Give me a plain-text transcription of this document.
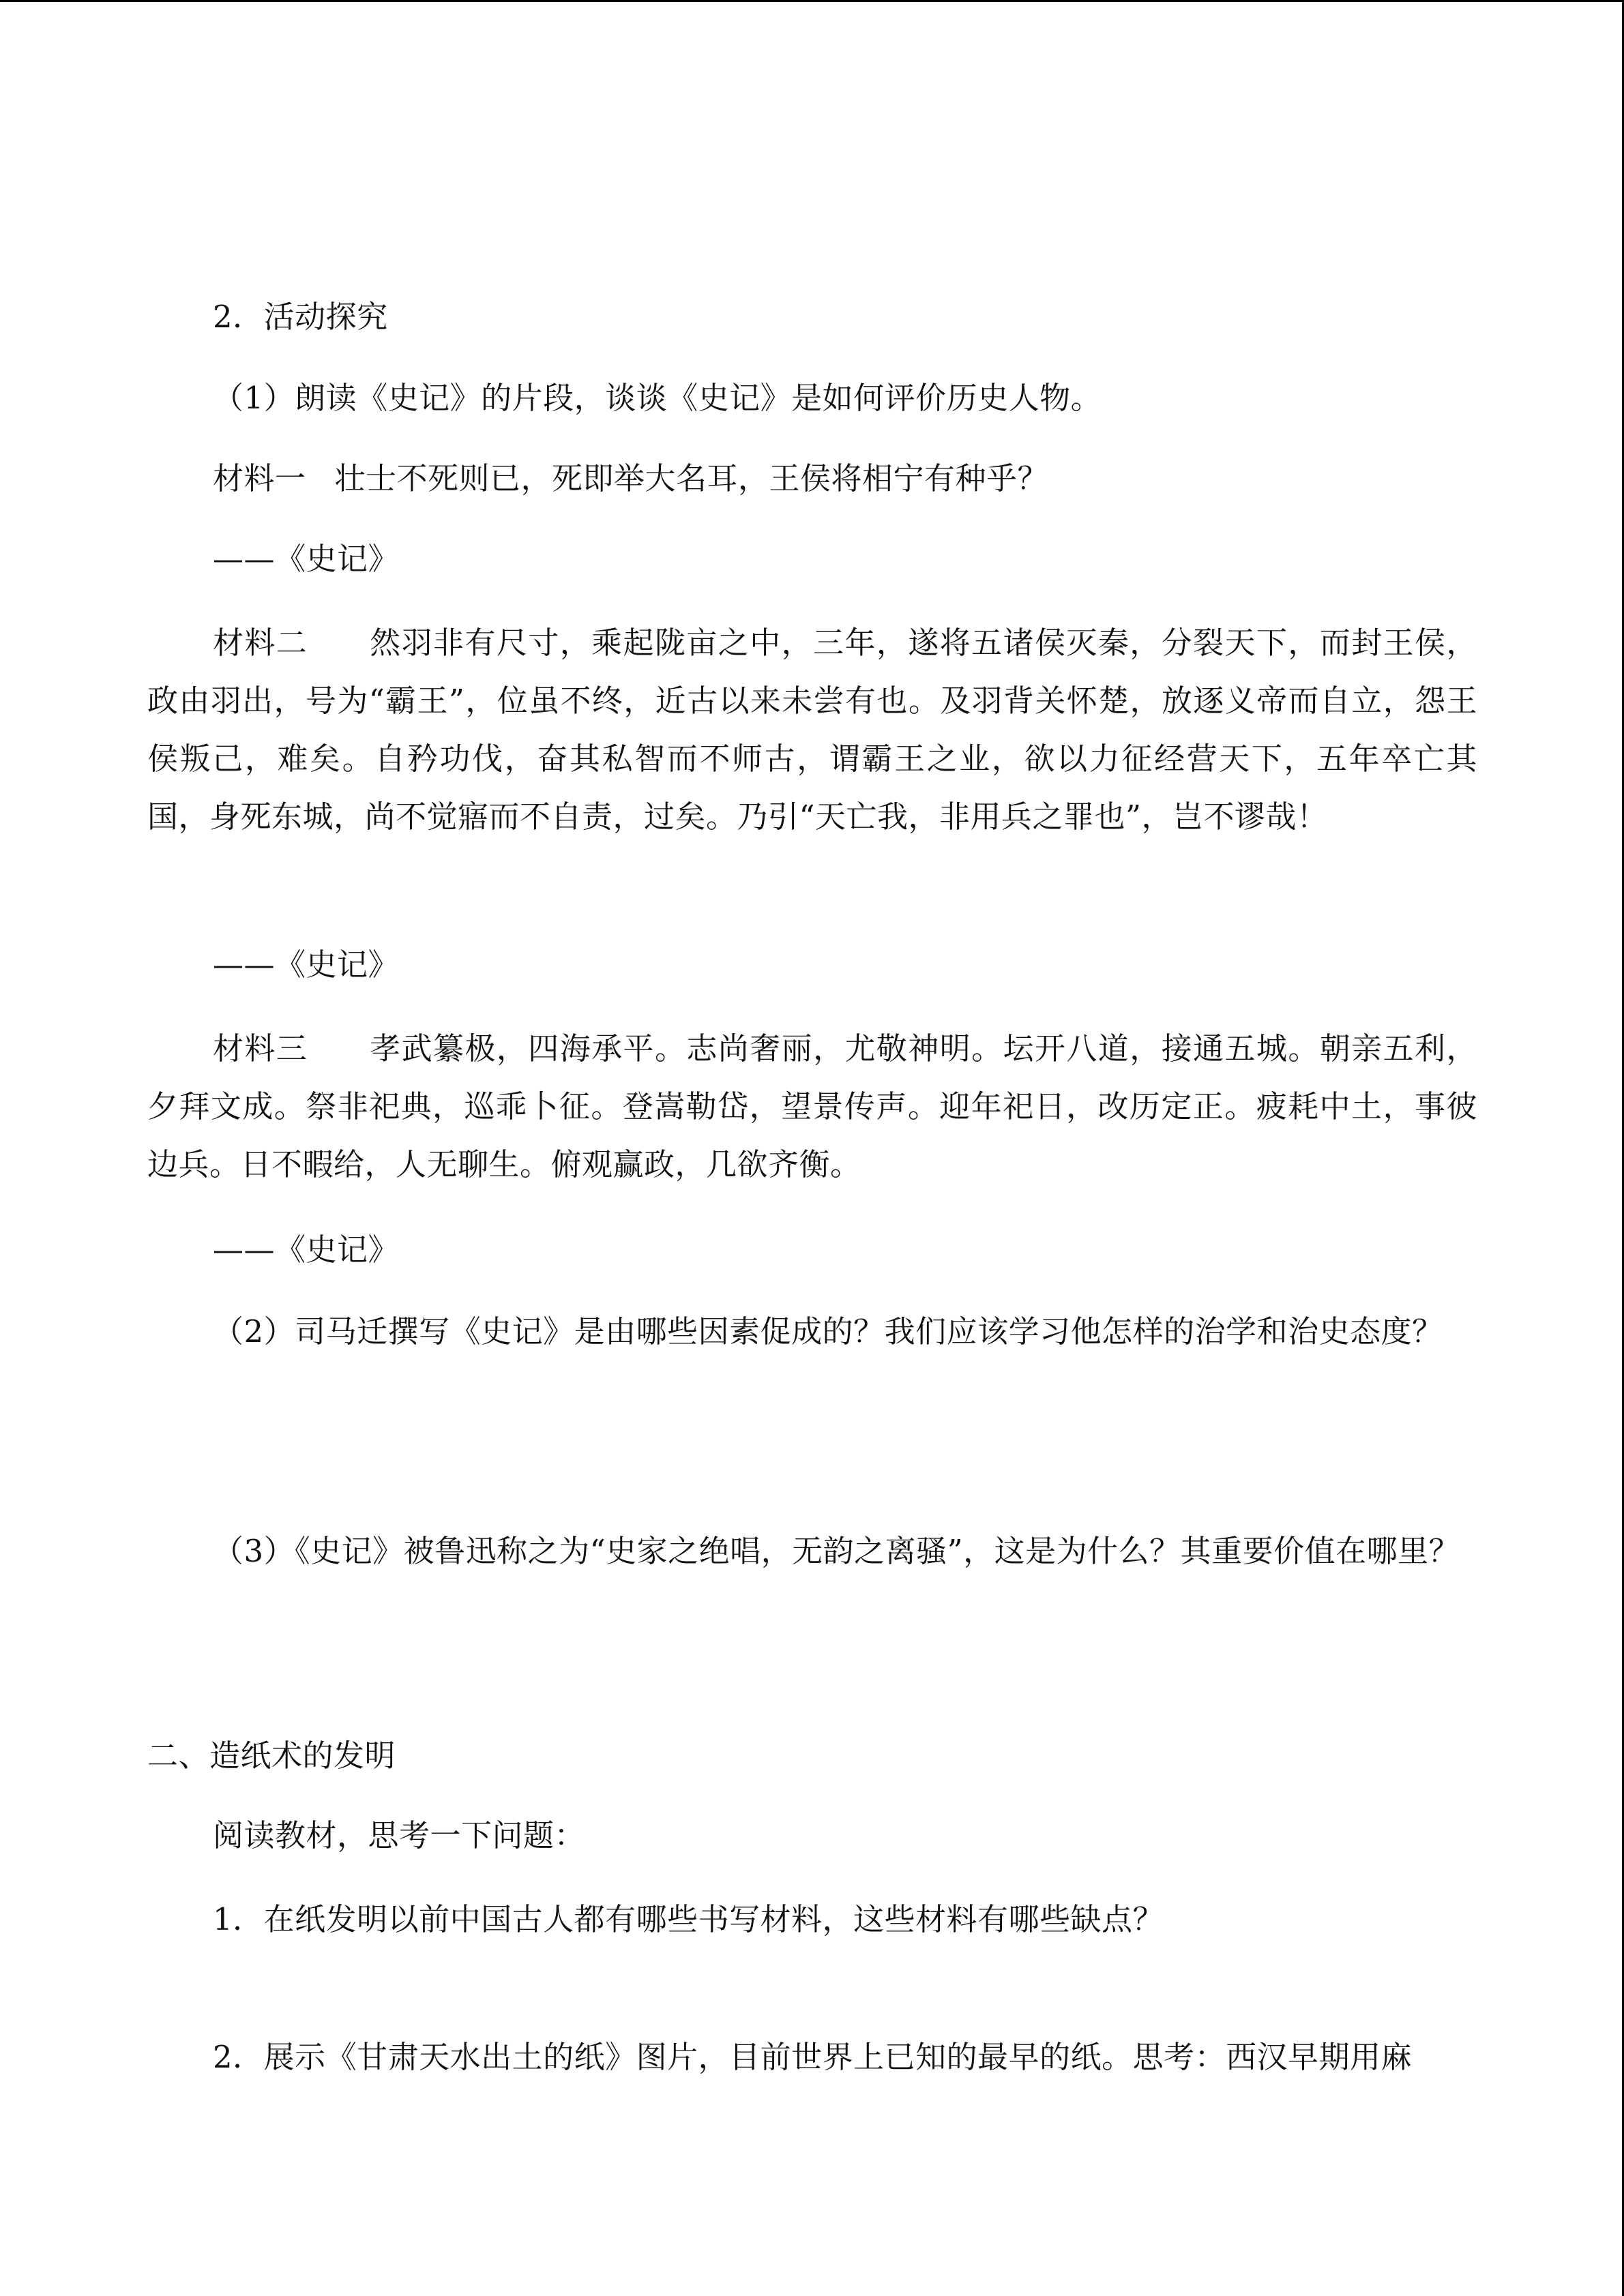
2．活动探究
（1）朗读《史记》的片段，谈谈《史记》是如何评价历史人物。
材料一 壮士不死则已，死即举大名耳，王侯将相宁有种乎？
——《史记》
材料二 然羽非有尺寸，乘起陇亩之中，三年，遂将五诸侯灭秦，分裂天下，而封王侯，政由羽出，号为“霸王”，位虽不终，近古以来未尝有也。及羽背关怀楚，放逐义帝而自立，怨王侯叛己，难矣。自矜功伐，奋其私智而不师古，谓霸王之业，欲以力征经营天下，五年卒亡其国，身死东城，尚不觉寤而不自责，过矣。乃引“天亡我，非用兵之罪也”，岂不谬哉！
——《史记》
材料三 孝武纂极，四海承平。志尚奢丽，尤敬神明。坛开八道，接通五城。朝亲五利，夕拜文成。祭非祀典，巡乖卜征。登嵩勒岱，望景传声。迎年祀日，改历定正。疲耗中土，事彼边兵。日不暇给，人无聊生。俯观赢政，几欲齐衡。
——《史记》
（2）司马迁撰写《史记》是由哪些因素促成的？我们应该学习他怎样的治学和治史态度？
（3）《史记》被鲁迅称之为“史家之绝唱，无韵之离骚”，这是为什么？其重要价值在哪里？
二、造纸术的发明
阅读教材，思考一下问题：
1．在纸发明以前中国古人都有哪些书写材料，这些材料有哪些缺点？
2．展示《甘肃天水出土的纸》图片，目前世界上已知的最早的纸。思考：西汉早期用麻
